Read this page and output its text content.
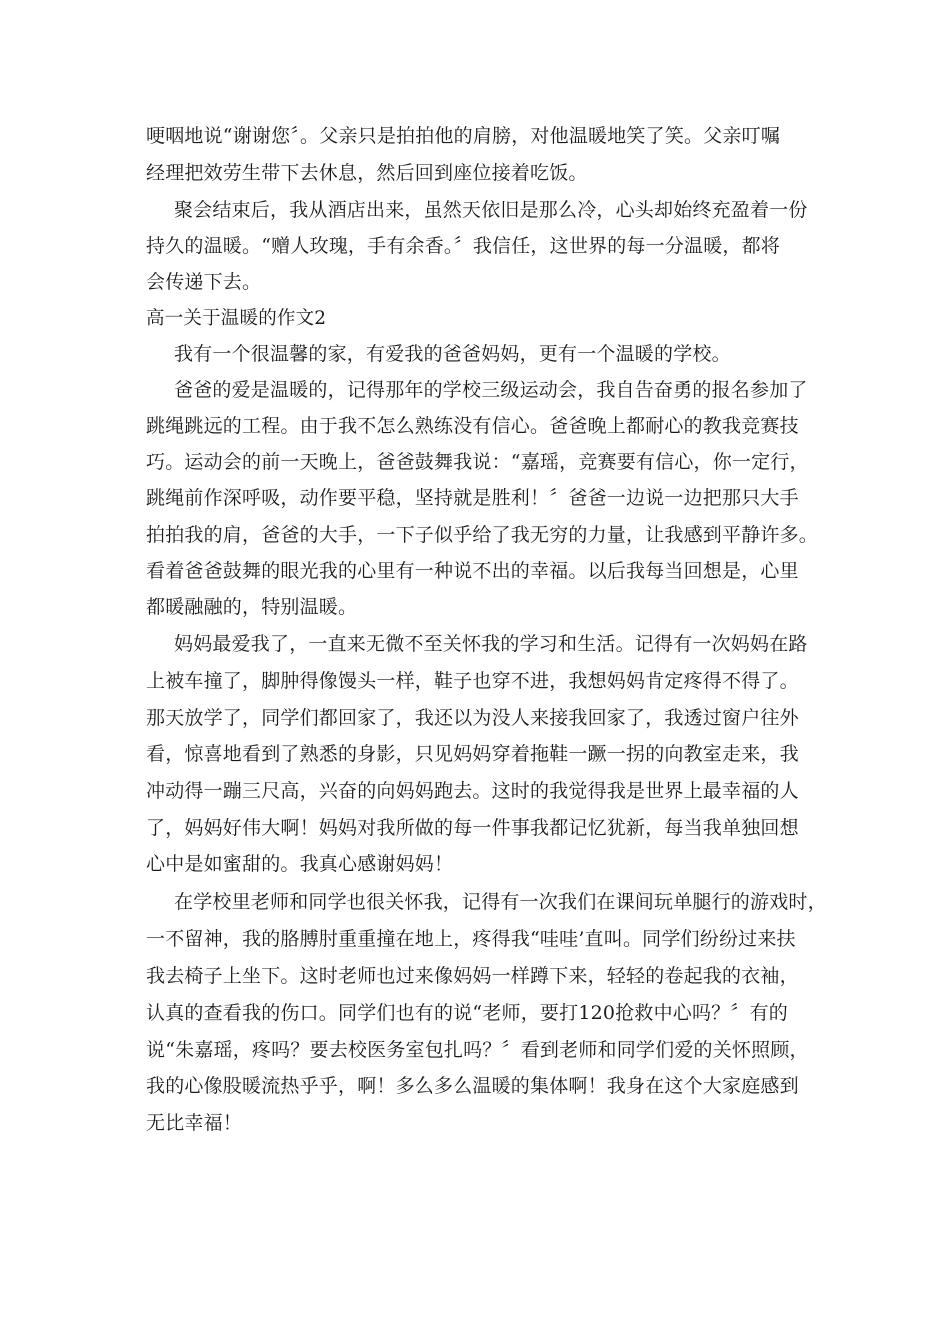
哽咽地说“谢谢您〞。父亲只是拍拍他的肩膀，对他温暖地笑了笑。父亲叮嘱
经理把效劳生带下去休息，然后回到座位接着吃饭。
聚会结束后，我从酒店出来，虽然天依旧是那么冷，心头却始终充盈着一份
持久的温暖。“赠人玫瑰，手有余香。〞我信任，这世界的每一分温暖，都将
会传递下去。
高一关于温暖的作文2
我有一个很温馨的家，有爱我的爸爸妈妈，更有一个温暖的学校。
爸爸的爱是温暖的，记得那年的学校三级运动会，我自告奋勇的报名参加了
跳绳跳远的工程。由于我不怎么熟练没有信心。爸爸晚上都耐心的教我竞赛技
巧。运动会的前一天晚上，爸爸鼓舞我说：“嘉瑶，竞赛要有信心，你一定行，
跳绳前作深呼吸，动作要平稳，坚持就是胜利！〞爸爸一边说一边把那只大手
拍拍我的肩，爸爸的大手，一下子似乎给了我无穷的力量，让我感到平静许多。
看着爸爸鼓舞的眼光我的心里有一种说不出的幸福。以后我每当回想是，心里
都暖融融的，特别温暖。
妈妈最爱我了，一直来无微不至关怀我的学习和生活。记得有一次妈妈在路
上被车撞了，脚肿得像馒头一样，鞋子也穿不进，我想妈妈肯定疼得不得了。
那天放学了，同学们都回家了，我还以为没人来接我回家了，我透过窗户往外
看，惊喜地看到了熟悉的身影，只见妈妈穿着拖鞋一蹶一拐的向教室走来，我
冲动得一蹦三尺高，兴奋的向妈妈跑去。这时的我觉得我是世界上最幸福的人
了，妈妈好伟大啊！妈妈对我所做的每一件事我都记忆犹新，每当我单独回想
心中是如蜜甜的。我真心感谢妈妈！
在学校里老师和同学也很关怀我，记得有一次我们在课间玩单腿行的游戏时，
一不留神，我的胳膊肘重重撞在地上，疼得我“哇哇’直叫。同学们纷纷过来扶
我去椅子上坐下。这时老师也过来像妈妈一样蹲下来，轻轻的卷起我的衣袖，
认真的查看我的伤口。同学们也有的说“老师，要打120抢救中心吗？〞有的
说“朱嘉瑶，疼吗？要去校医务室包扎吗？〞看到老师和同学们爱的关怀照顾，
我的心像股暖流热乎乎，啊！多么多么温暖的集体啊！我身在这个大家庭感到
无比幸福！
